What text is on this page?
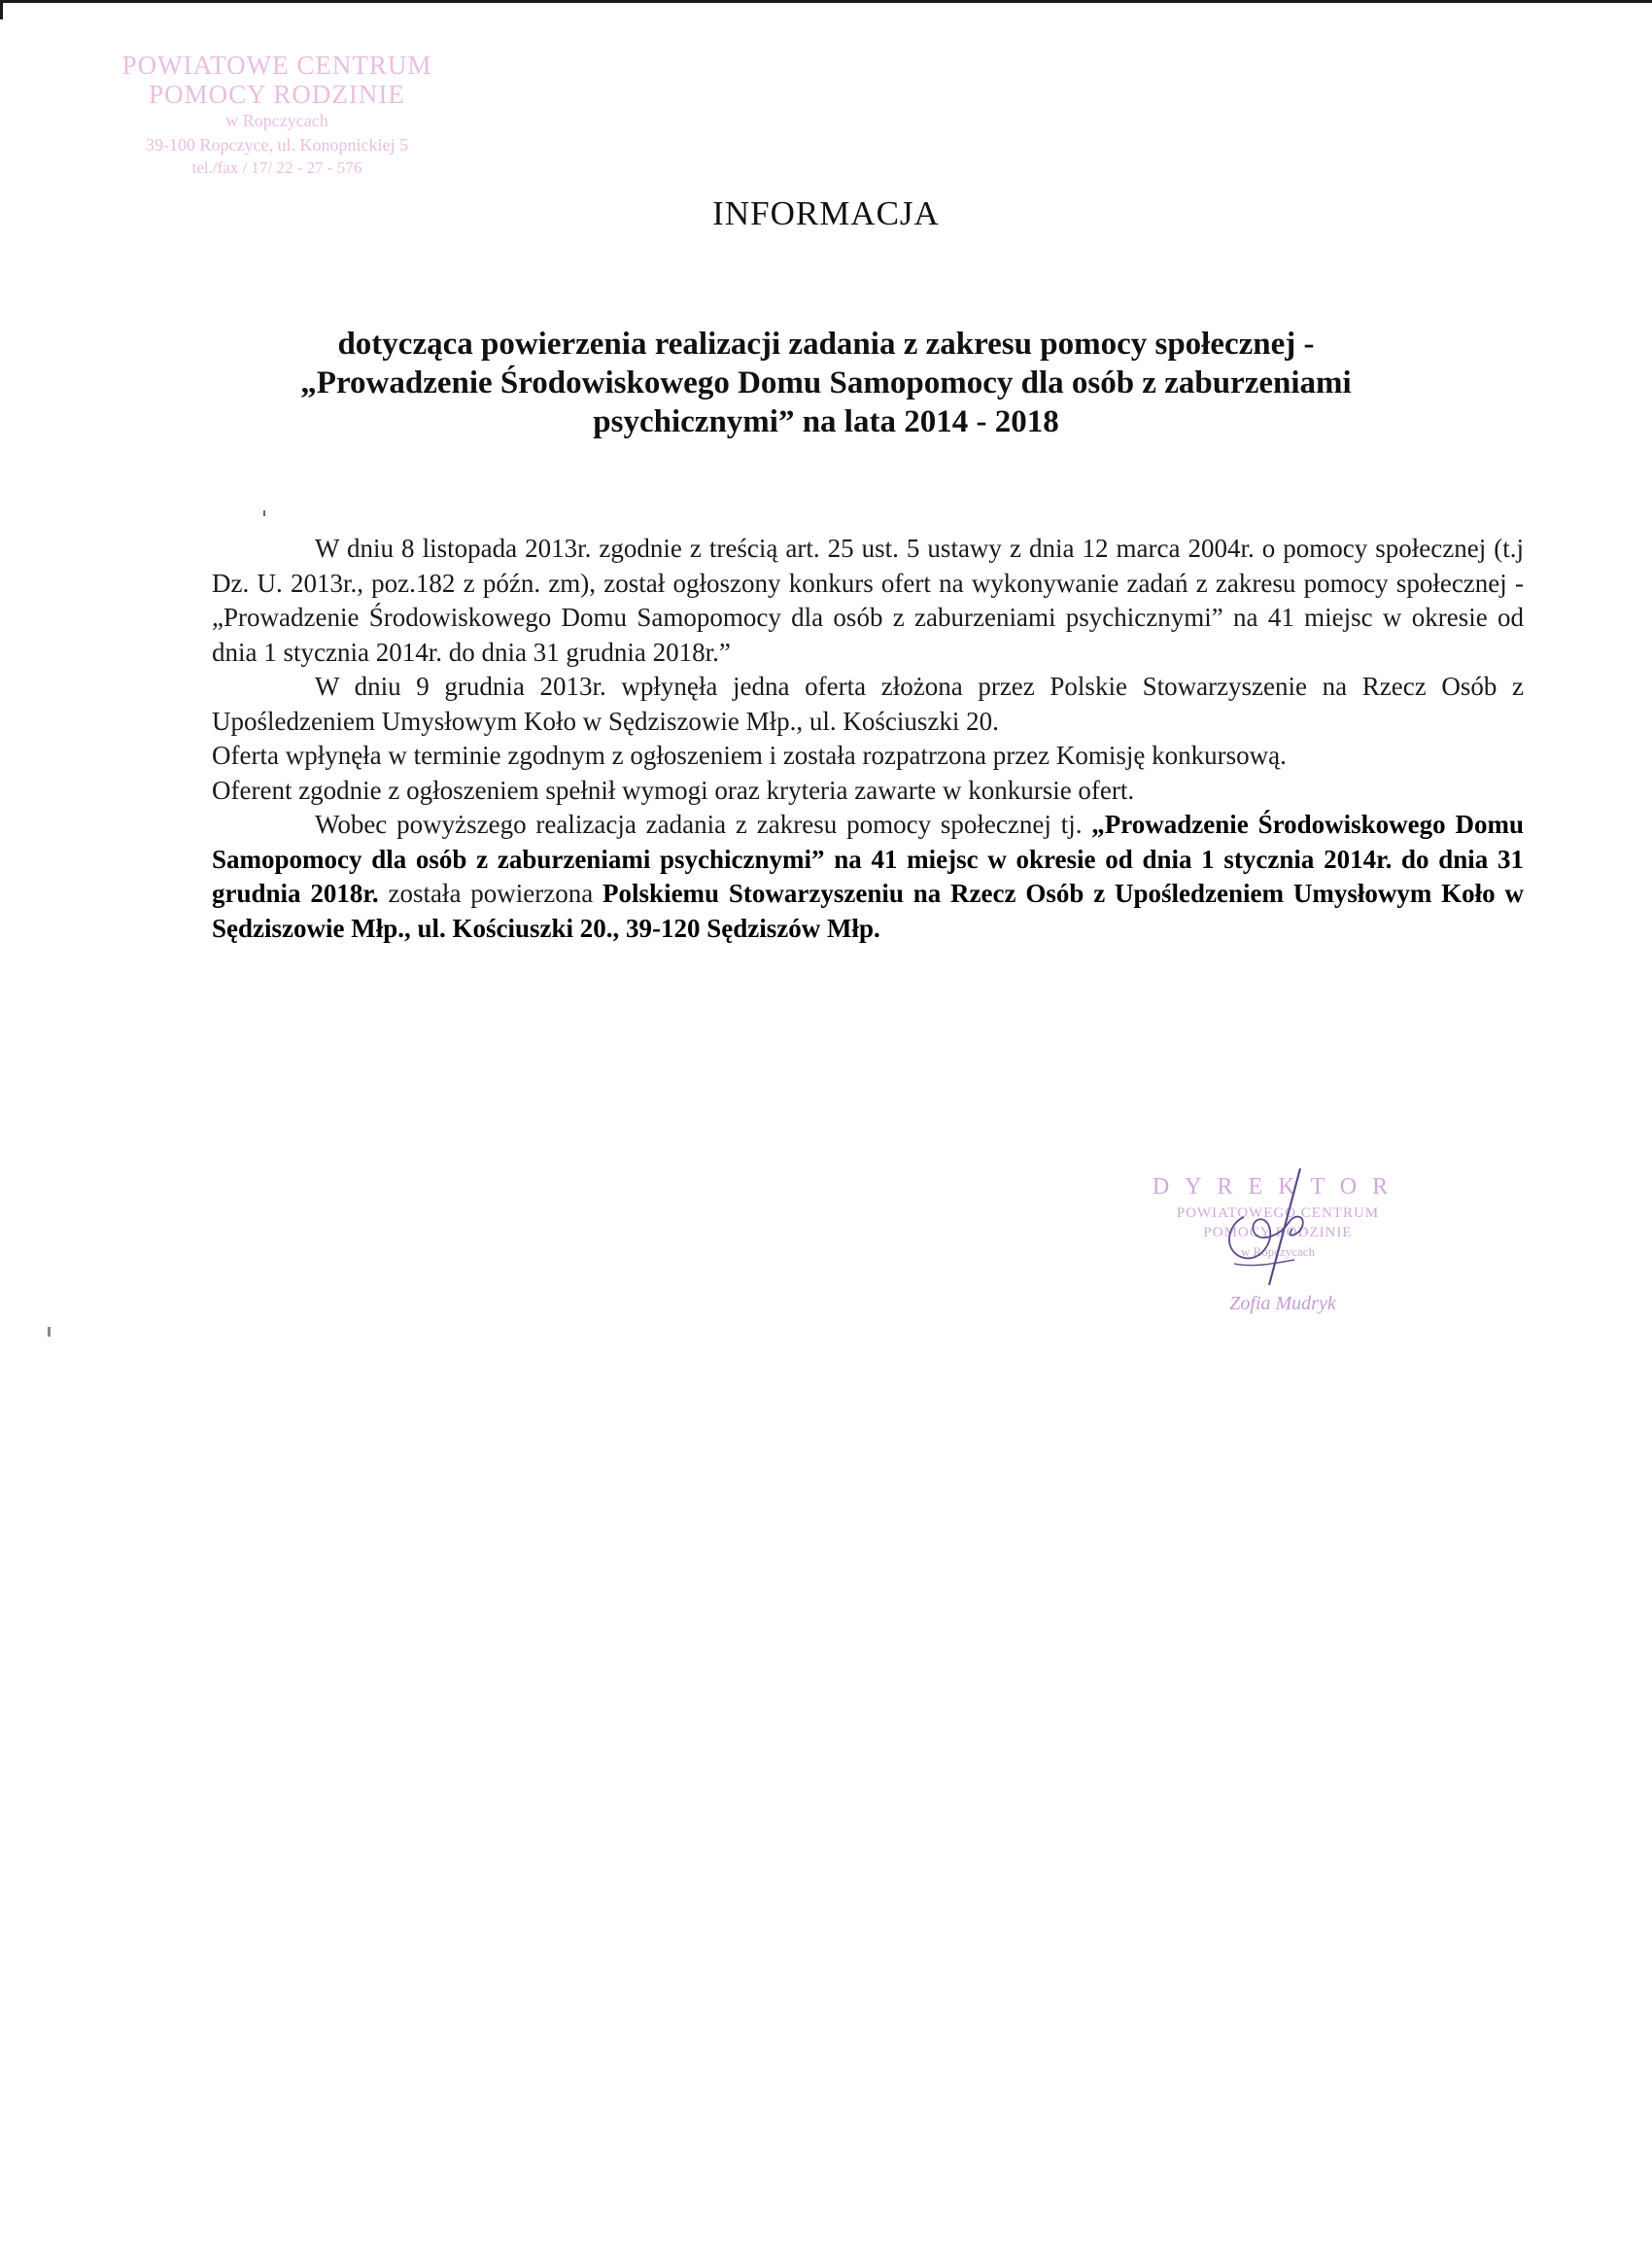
POWIATOWE CENTRUM
POMOCY RODZINIE
w Ropczycach
39-100 Ropczyce, ul. Konopnickiej 5
tel./fax / 17/ 22 - 27 - 576
INFORMACJA
dotycząca powierzenia realizacji zadania z zakresu pomocy społecznej -
„Prowadzenie Środowiskowego Domu Samopomocy dla osób z zaburzeniami
psychicznymi” na lata 2014 - 2018

W dniu 8 listopada 2013r. zgodnie z treścią art. 25 ust. 5 ustawy z dnia 12 marca 2004r. o pomocy społecznej (t.j Dz. U. 2013r., poz.182 z późn. zm), został ogłoszony konkurs ofert na wykonywanie zadań z zakresu pomocy społecznej - „Prowadzenie Środowiskowego Domu Samopomocy dla osób z zaburzeniami psychicznymi” na 41 miejsc w okresie od dnia 1 stycznia 2014r. do dnia 31 grudnia 2018r.”

W dniu 9 grudnia 2013r. wpłynęła jedna oferta złożona przez Polskie Stowarzyszenie na Rzecz Osób z Upośledzeniem Umysłowym Koło w Sędziszowie Młp., ul. Kościuszki 20.

Oferta wpłynęła w terminie zgodnym z ogłoszeniem i została rozpatrzona przez Komisję konkursową.

Oferent zgodnie z ogłoszeniem spełnił wymogi oraz kryteria zawarte w konkursie ofert.

Wobec powyższego realizacja zadania z zakresu pomocy społecznej tj. „Prowadzenie Środowiskowego Domu Samopomocy dla osób z zaburzeniami psychicznymi” na 41 miejsc w okresie od dnia 1 stycznia 2014r. do dnia 31 grudnia 2018r. została powierzona Polskiemu Stowarzyszeniu na Rzecz Osób z Upośledzeniem Umysłowym Koło w Sędziszowie Młp., ul. Kościuszki 20., 39-120 Sędziszów Młp.

DYREKTOR
POWIATOWEGO CENTRUM
POMOCY RODZINIE
w Ropczycach
Zofia Mudryk
